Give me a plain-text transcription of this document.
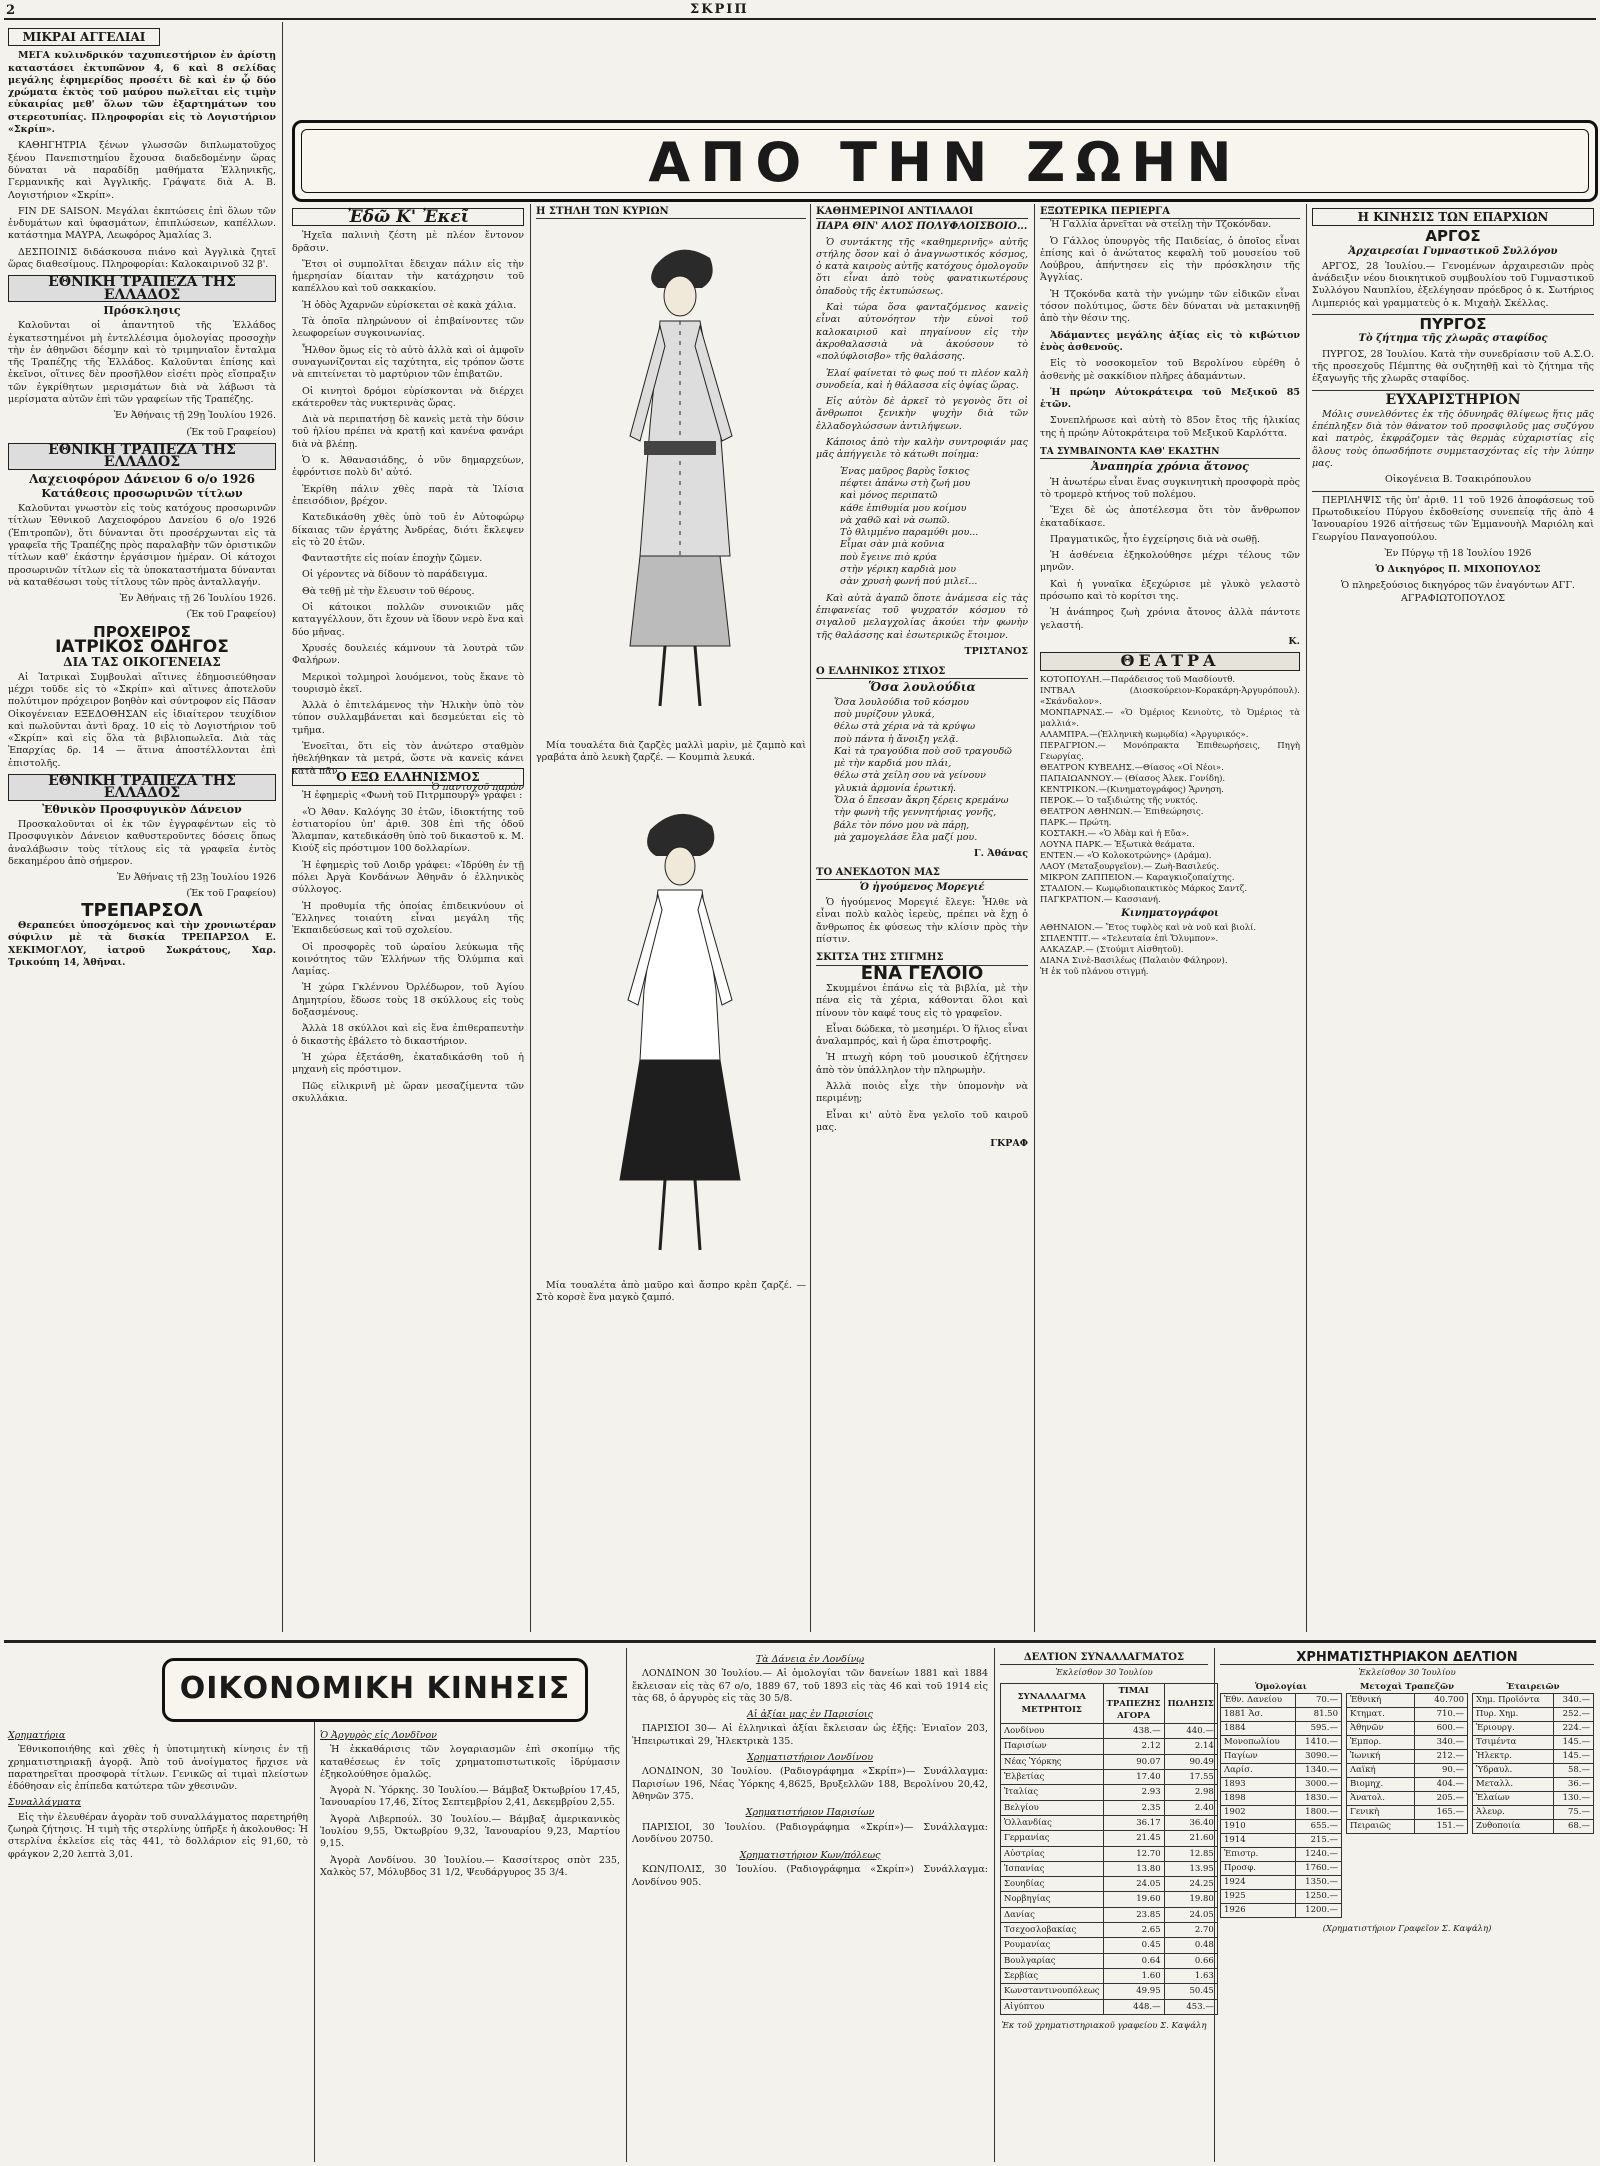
2	ΣΚΡΙΠ
ΜΙΚΡΑΙ ΑΓΓΕΛΙΑΙ

ΜΕΓΑ κυλινδρικόν ταχυπιεστήριον ἐν ἀρίστῃ καταστάσει ἐκτυπῶνον 4, 6 καὶ 8 σελίδας μεγάλης ἐφημερίδος προσέτι δὲ καὶ ἐν ᾧ δύο χρώματα ἐκτὸς τοῦ μαύρου πωλεῖται εἰς τιμὴν εὐκαιρίας μεθ' ὅλων τῶν ἐξαρτημάτων του στερεοτυπίας. Πληροφορίαι εἰς τὸ Λογιστήριον «Σκρίπ».

ΚΑΘΗΓΗΤΡΙΑ ξένων γλωσσῶν διπλωματοῦχος ξένου Πανεπιστημίου ἔχουσα διαδεδομένην ὥρας δύναται νὰ παραδίδῃ μαθήματα Ἑλληνικῆς, Γερμανικῆς καὶ Ἀγγλικῆς. Γράψατε διὰ Α. Β. Λογιστήριον «Σκρίπ».

FIN DE SAISON. Μεγάλαι ἐκπτώσεις ἐπὶ ὅλων τῶν ἐνδυμάτων καὶ ὑφασμάτων, ἐπιπλώσεων, καπέλλων. κατάστημα ΜΑΥΡΑ, Λεωφόρος Ἀμαλίας 3.

ΔΕΣΠΟΙΝΙΣ διδάσκουσα πιάνο καὶ Ἀγγλικὰ ζητεῖ ὥρας διαθεσίμους. Πληροφορίαι: Καλοκαιρινοῦ 32 β'.

ΕΘΝΙΚΗ ΤΡΑΠΕΖΑ ΤΗΣ ΕΛΛΑΔΟΣ
Πρόσκλησις

Καλοῦνται οἱ ἀπαντητοῦ τῆς Ἑλλάδος ἐγκατεστημένοι μὴ ἐντελλέσιμα ὁμολογίας προσοχὴν τὴν ἐν ἀθηνῶσι δέσμην καὶ τὸ τριμηνιαῖον ἔνταλμα τῆς Τραπέζης τῆς Ἑλλάδος. Καλοῦνται ἐπίσης καὶ ἐκεῖνοι, οἵτινες δὲν προσῆλθον εἰσέτι πρὸς εἴσπραξιν τῶν ἐγκρίθητων μερισμάτων διὰ νὰ λάβωσι τὰ μερίσματα αὐτῶν ἐπὶ τῶν γραφείων τῆς Τραπέζης.

Ἐν Ἀθήναις τῇ 29ῃ Ἰουλίου 1926.

(Ἐκ τοῦ Γραφείου)

ΕΘΝΙΚΗ ΤΡΑΠΕΖΑ ΤΗΣ ΕΛΛΑΔΟΣ
Λαχειοφόρον Δάνειον 6 ο/ο 1926
Κατάθεσις προσωρινῶν τίτλων

Καλοῦνται γνωστὸν εἰς τοὺς κατόχους προσωρινῶν τίτλων Ἐθνικοῦ Λαχειοφόρου Δανείου 6 ο/ο 1926 (Ἐπιτροπῶν), ὅτι δύνανται ὅτι προσέρχωνται εἰς τὰ γραφεῖα τῆς Τραπέζης πρὸς παραλαβὴν τῶν ὁριστικῶν τίτλων καθ' ἑκάστην ἐργάσιμον ἡμέραν. Οἱ κάτοχοι προσωρινῶν τίτλων εἰς τὰ ὑποκαταστήματα δύνανται νὰ καταθέσωσι τοὺς τίτλους τῶν πρὸς ἀνταλλαγήν.

Ἐν Ἀθήναις τῇ 26 Ἰουλίου 1926.

(Ἐκ τοῦ Γραφείου)

ΠΡΟΧΕΙΡΟΣ
ΙΑΤΡΙΚΟΣ ΟΔΗΓΟΣ
ΔΙΑ ΤΑΣ ΟΙΚΟΓΕΝΕΙΑΣ

Αἱ Ἰατρικαὶ Συμβουλαὶ αἵτινες ἐδημοσιεύθησαν μέχρι τοῦδε εἰς τὸ «Σκρίπ» καὶ αἵτινες ἀποτελοῦν πολύτιμον πρόχειρον βοηθὸν καὶ σύντροφον εἰς Πᾶσαν Οἰκογένειαν ΕΞΕΔΟΘΗΣΑΝ εἰς ἰδιαίτερον τευχίδιον καὶ πωλοῦνται ἀντὶ δραχ. 10 εἰς τὸ Λογιστήριον τοῦ «Σκρίπ» καὶ εἰς ὅλα τὰ βιβλιοπωλεῖα. Διὰ τὰς Ἐπαρχίας δρ. 14 — ἅτινα ἀποστέλλονται ἐπὶ ἐπιστολῆς.

ΕΘΝΙΚΗ ΤΡΑΠΕΖΑ ΤΗΣ ΕΛΛΑΔΟΣ
Ἐθνικὸν Προσφυγικὸν Δάνειον

Προσκαλοῦνται οἱ ἐκ τῶν ἐγγραφέντων εἰς τὸ Προσφυγικὸν Δάνειον καθυστεροῦντες δόσεις ὅπως ἀναλάβωσιν τοὺς τίτλους εἰς τὰ γραφεῖα ἐντὸς δεκαημέρου ἀπὸ σήμερον.

Ἐν Ἀθήναις τῇ 23ῃ Ἰουλίου 1926

(Ἐκ τοῦ Γραφείου)

ΤΡΕΠΑΡΣΟΛ

Θεραπεύει ὑποσχόμενος καὶ τὴν χρονιωτέραν σύφιλιν μὲ τὰ δισκία ΤΡΕΠΑΡΣΟΛ Ε. ΧΕΚΙΜΟΓΛΟΥ, ἰατροῦ Σωκράτους, Χαρ. Τρικούπη 14, Ἀθῆναι.

ΑΠΟ ΤΗΝ ΖΩΗΝ
Ἐδῶ Κ' Ἐκεῖ

Ἡχεῖα παλινιὴ ζέστη μὲ πλέον ἔντονον δρᾶσιν.

Ἔτσι οἱ συμπολῖται ἔδειχαν πάλιν εἰς τὴν ἡμερησίαν δίαιταν τὴν κατάχρησιν τοῦ καπέλλου καὶ τοῦ σακκακίου.

Ἡ ὁδὸς Ἀχαρνῶν εὑρίσκεται σὲ κακὰ χάλια.

Τὰ ὁποῖα πληρώνουν οἱ ἐπιβαίνοντες τῶν λεωφορείων συγκοινωνίας.

Ἦλθον ὅμως εἰς τὸ αὐτὸ ἀλλὰ καὶ οἱ ἀμφοῖν συναγωνίζονται εἰς ταχύτητα, εἰς τρόπον ὥστε νὰ επιτείνεται τὸ μαρτύριον τῶν ἐπιβατῶν.

Οἱ κινητοὶ δρόμοι εὑρίσκονται νὰ διέρχει εκάτεροθεν τὰς νυκτερινὰς ὥρας.

Διὰ νὰ περιπατήσῃ δὲ κανεὶς μετὰ τὴν δύσιν τοῦ ἡλίου πρέπει νὰ κρατῇ καὶ κανένα φανάρι διὰ νὰ βλέπῃ.

Ὁ κ. Ἀθανασιάδης, ὁ νῦν δημαρχεύων, ἐφρόντισε πολὺ δι' αὐτό.

Ἐκρίθη πάλιν χθὲς παρὰ τὰ Ἱλίσια ἐπεισόδιον, βρέχον.

Κατεδικάσθη χθὲς ὑπὸ τοῦ ἐν Αὐτοφώρῳ δίκαιας τῶν ἐργάτης Ἀνδρέας, διότι ἔκλεψεν εἰς τὸ 20 ἐτῶν.

Φανταστῆτε εἰς ποίαν ἐποχὴν ζῶμεν.

Οἱ γέροντες νὰ δίδουν τὸ παράδειγμα.

Θὰ τεθῇ μὲ τὴν ἔλευσιν τοῦ θέρους.

Οἱ κάτοικοι πολλῶν συνοικιῶν μᾶς καταγγέλλουν, ὅτι ἔχουν νὰ ἴδουν νερὸ ἕνα καὶ δύο μῆνας.

Χρυσές δουλειές κάμνουν τὰ λουτρὰ τῶν Φαλήρων.

Μερικοὶ τολμηροὶ λουόμενοι, τοὺς ἔκανε τὸ τουρισμὸ ἐκεῖ.

Ἀλλὰ ὁ ἐπιτελάμενος τὴν Ἠλικὴν ὑπὸ τὸν τύπον συλλαμβάνεται καὶ δεσμεύεται εἰς τὸ τμῆμα.

Ἐνοεῖται, ὅτι εἰς τὸν ἀνώτερο σταθμὸν ἠθελήθηκαν τὰ μετρά, ὥστε νὰ κανεὶς κάνει κατὰ πᾶν.

Ὁ παντοχοῦ παρὼν

Ο ΕΞΩ ΕΛΛΗΝΙΣΜΟΣ

Ἡ ἐφημερὶς «Φωνὴ τοῦ Πιτρμπουργ» γράφει :

«Ὁ Ἀθαν. Καλόγης 30 ἐτῶν, ἰδιοκτήτης τοῦ ἐστιατορίου ὑπ' ἀριθ. 308 ἐπὶ τῆς ὁδοῦ Ἄλαμπαν, κατεδικάσθη ὑπὸ τοῦ δικαστοῦ κ. Μ. Κιούξ εἰς πρόστιμον 100 δολλαρίων.

Ἡ ἐφημερὶς τοῦ Λοιδρ γράφει: «Ἰδρύθη ἐν τῇ πόλει Ἀργὰ Κονδάνων Ἀθηνᾶν ὁ ἐλληνικὸς σύλλογος.

Ἡ προθυμία τῆς ὁποίας ἐπιδεικνύουν οἱ Ἕλληνες τοιαύτη εἶναι μεγάλη τῆς Ἐκπαιδεύσεως καὶ τοῦ σχολείου.

Οἱ προσφορὲς τοῦ ὡραίου λεύκωμα τῆς κοινότητος τῶν Ἑλλήνων τῆς Ὀλύμπια καὶ Λαμίας.

Ἡ χώρα Γκλέννου Ὀρλέδωρον, τοῦ Ἀγίου Δημητρίου, ἔδωσε τοὺς 18 σκύλλους εἰς τοὺς δοξασμένους.

Ἀλλὰ 18 σκύλλοι καὶ εἰς ἕνα ἐπιθεραπευτὴν ὁ δικαστὴς ἐβάλετο τὸ δικαστήριον.

Ἡ χώρα ἐξετάσθη, ἐκαταδικάσθη τοῦ ἡ μηχανὴ εἰς πρόστιμον.

Πῶς εἰλικρινῆ μὲ ὥραν μεσαζίμεντα τῶν σκυλλάκια.

Η ΣΤΗΛΗ ΤΩΝ ΚΥΡΙΩΝ

Μία τουαλέτα διὰ ζαρζὲς μαλλὶ μαρὶν, μὲ ζαμπὸ καὶ γραβάτα ἀπὸ λευκὴ ζαρζέ. — Κουμπιὰ λευκά.

Μία τουαλέτα ἀπὸ μαῦρο καὶ ἄσπρο κρὲπ ζαρζέ. — Στὸ κορσὲ ἕνα μαγκὸ ζαμπό.

ΚΑΘΗΜΕΡΙΝΟΙ ΑΝΤΙΛΑΛΟΙ
ΠΑΡΑ ΘΙΝ' ΑΛΟΣ ΠΟΛΥΦΛΟΙΣΒΟΙΟ...

Ὁ συντάκτης τῆς «καθημερινῆς» αὐτῆς στήλης ὅσον καὶ ὁ ἀναγνωστικός κόσμος, ὁ κατὰ καιροὺς αὐτῆς κατόχους ὁμολογοῦν ὅτι εἶναι ἀπὸ τοὺς φανατικωτέρους ὀπαδοὺς τῆς ἐκτυπώσεως.

Καὶ τώρα ὅσα φανταζόμενος κανεὶς εἶναι αὐτονόητον τὴν εὐνοὶ τοῦ καλοκαιριοῦ καὶ πηγαίνουν εἰς τὴν ἀκροθαλασσιὰ νὰ ἀκούσουν τὸ «πολύφλοισβο» τῆς θαλάσσης.

Ἑλαί φαίνεται τὸ φως πού τι πλέον καλὴ συνοδεία, καὶ ἡ θάλασσα εἰς ὀψίας ὥρας.

Εἰς αὐτὸν δὲ ἀρκεῖ τὸ γεγονὸς ὅτι οἱ ἄνθρωποι ξενικὴν ψυχὴν διὰ τῶν ἑλλαδογλώσσων ἀντιλήψεων.

Κάποιος ἀπὸ τὴν καλὴν συντροφιάν μας μᾶς ἀπήγγειλε τὸ κάτωθι ποίημα:

Ἐνας μαῦρος βαρὺς ἴσκιος
πέφτει ἀπάνω στὴ ζωή μου
καὶ μόνος περιπατῶ
κάθε ἐπιθυμία μου κοίμου
νὰ χαθῶ καὶ νὰ σωπῶ.
Τὸ θλιμμένο παραμύθι μου...
Εἶμαι σὰν μιὰ κοῦνια
ποὺ ἔγεινε πιὸ κρύα
στὴν γέρικη καρδιὰ μου
σὰν χρυσὴ φωνή πού μιλεῖ...

Καὶ αὐτὰ ἀγαπῶ ὅποτε ἀνάμεσα εἰς τὰς ἐπιφανείας τοῦ ψυχρατόν κόσμου τὸ σιγαλοῦ μελαγχολίας ἀκούει τὴν φωνὴν τῆς θαλάσσης καὶ ἐσωτερικῶς ἕτοιμον.

ΤΡΙΣΤΑΝΟΣ

Ο ΕΛΛΗΝΙΚΟΣ ΣΤΙΧΟΣ
Ὅσα λουλούδια
Ὅσα λουλούδια τοῦ κόσμου
ποὺ μυρίζουν γλυκά,
θέλω στὰ χέρια νὰ τὰ κρύψω
ποὺ πάντα ἡ ἄνοιξη γελᾷ.
Καὶ τὰ τραγούδια ποὺ σοῦ τραγουδῶ
μὲ τὴν καρδιά μου πλάι,
θέλω στὰ χείλη σου νὰ γείνουν
γλυκιὰ ἀρμονία ἐρωτική.
Ὅλα ὁ ἔπεσαν ἄκρη ξέρεις κρεμάνω
τὴν φωνὴ τῆς γεννητήριας γονῆς,
βάλε τὸν πόνο μου νὰ πάρῃ,
μὰ χαμογελάσε ἔλα μαζί μου.

Γ. Ἀθάνας

ΤΟ ΑΝΕΚΔΟΤΟΝ ΜΑΣ
Ὁ ἡγούμενος Μορεγιέ

Ὁ ἡγούμενος Μορεγιέ ἔλεγε: Ἦλθε νὰ εἶναι πολὺ καλὸς ἱερεὺς, πρέπει νὰ ἔχῃ ὁ ἄνθρωπος ἐκ φύσεως τὴν κλίσιν πρὸς τὴν πίστιν.

ΣΚΙΤΣΑ ΤΗΣ ΣΤΙΓΜΗΣ
ΕΝΑ ΓΕΛΟΙΟ

Σκυμμένοι ἐπάνω εἰς τὰ βιβλία, μὲ τὴν πένα εἰς τὰ χέρια, κάθονται ὅλοι καὶ πίνουν τὸν καφέ τους εἰς τὸ γραφεῖον.

Εἶναι δώδεκα, τὸ μεσημέρι. Ὁ ἥλιος εἶναι ἀναλαμπρός, καὶ ἡ ὥρα ἐπιστροφῆς.

Ἡ πτωχὴ κόρη τοῦ μουσικοῦ ἐζήτησεν ἀπὸ τὸν ὑπάλληλον τὴν πληρωμὴν.

Ἀλλὰ ποιὸς εἶχε τὴν ὑπομονὴν νὰ περιμένῃ;

Εἶναι κι' αὐτὸ ἕνα γελοῖο τοῦ καιροῦ μας.

ΓΚΡΑΦ

ΕΞΩΤΕΡΙΚΑ ΠΕΡΙΕΡΓΑ

Ἡ Γαλλία ἀρνεῖται νὰ στείλῃ τὴν Τζοκόνδαν.

Ὁ Γάλλος ὑπουργὸς τῆς Παιδείας, ὁ ὁποῖος εἶναι ἐπίσης καὶ ὁ ἀνώτατος κεφαλὴ τοῦ μουσείου τοῦ Λούβρου, ἀπήντησεν εἰς τὴν πρόσκλησιν τῆς Ἀγγλίας.

Ἡ Τζοκόνδα κατὰ τὴν γνώμην τῶν εἰδικῶν εἶναι τόσον πολύτιμος, ὥστε δὲν δύναται νὰ μετακινηθῇ ἀπὸ τὴν θέσιν της.

Ἀδάμαντες μεγάλης ἀξίας εἰς τὸ κιβώτιον ἐνὸς ἀσθενοῦς.

Εἰς τὸ νοσοκομεῖον τοῦ Βερολίνου εὑρέθη ὁ ἀσθενὴς μὲ σακκίδιον πλῆρες ἀδαμάντων.

Ἡ πρώην Αὐτοκράτειρα τοῦ Μεξικοῦ 85 ἐτῶν.

Συνεπλήρωσε καὶ αὐτὴ τὸ 85ον ἔτος τῆς ἡλικίας της ἡ πρώην Αὐτοκράτειρα τοῦ Μεξικοῦ Καρλόττα.

ΤΑ ΣΥΜΒΑΙΝΟΝΤΑ ΚΑΘ' ΕΚΑΣΤΗΝ
Ἀναπηρία χρόνια ἄτονος

Ἡ ἀνωτέρω εἶναι ἕνας συγκινητικὴ προσφορὰ πρὸς τὸ τρομερὸ κτήνος τοῦ πολέμου.

Ἔχει δὲ ὡς ἀποτέλεσμα ὅτι τὸν ἄνθρωπον ἐκαταδίκασε.

Πραγματικῶς, ἦτο ἐγχείρησις διὰ νὰ σωθῇ.

Ἡ ἀσθένεια ἐξηκολούθησε μέχρι τέλους τῶν μηνῶν.

Καὶ ἡ γυναῖκα ἐξεχώρισε μὲ γλυκὸ γελαστὸ πρόσωπο καὶ τὸ κορίτσι της.

Ἡ ἀνάπηρος ζωὴ χρόνια ἄτονος ἀλλὰ πάντοτε γελαστή.

Κ.

ΘΕΑΤΡΑ
ΚΟΤΟΠΟΥΛΗ.—Παράδεισος τοῦ Μασδίουτθ.
ΙΝΤΒΑΛ (Διοσκούρειον-Κορακάρη-Ἀργυρόπουλ). «Σκάνδαλον».
ΜΟΝΠΑΡΝΑΣ.— «Ὁ Ὀμέριος Κενιοὺτς, τὸ Ὀμέριος τὰ μαλλιά».
ΑΛΑΜΠΡΑ.—(Ἑλληνικὴ κωμῳδία) «Ἀργυρικός».
ΠΕΡΑΓΡΙΟΝ.— Μονόπρακτα Ἐπιθεωρήσεις, Πηγὴ Γεωργίας.
ΘΕΑΤΡΟΝ ΚΥΒΕΛΗΣ.—Θίασος «Οἱ Νέοι».
ΠΑΠΑΙΩΑΝΝΟΥ.— (Θίασος Ἀλεκ. Γονίδη).
ΚΕΝΤΡΙΚΟΝ.—(Κινηματογράφος) Ἄρνηση.
ΠΕΡΟΚ.— Ὁ ταξιδιώτης τῆς νυκτός.
ΘΕΑΤΡΟΝ ΑΘΗΝΩΝ.— Ἐπιθεώρησις.
ΠΑΡΚ.— Πρώτη.
ΚΟΣΤΑΚΗ.— «Ὁ Ἀδὰμ καὶ ἡ Εὔα».
ΛΟΥΝΑ ΠΑΡΚ.— Ἐξωτικὰ θεάματα.
ΕΝΤΕΝ.— «Ὁ Κολοκοτρώνης» (Δράμα).
ΛΑΟΥ (Μεταξουργεῖον).— Ζωὴ-Βασιλεύς.
ΜΙΚΡΟΝ ΖΑΠΠΕΙΟΝ.— Καραγκιοζοπαίχτης.
ΣΤΑΔΙΟΝ.— Κωμῳδιοπαικτικὸς Μάρκος Σαντζ.
ΠΑΓΚΡΑΤΙΟΝ.— Κασσιανή.
Κινηματογράφοι
ΑΘΗΝΑΙΟΝ.— Ἔτος τυφλὸς καὶ νὰ νοῦ καὶ βιολί.
ΣΠΛΕΝΤΙΤ.— «Τελευταία ἐπὶ Ὄλυμπον».
ΑΛΚΑΖΑΡ.— (Στούμιτ Αἰσθητοῦ).
ΔΙΑΝΑ Σινὲ-Βασιλέως (Παλαιὸν Φάληρον).
Ἡ ἐκ τοῦ πλάνου στιγμή.
Η ΚΙΝΗΣΙΣ ΤΩΝ ΕΠΑΡΧΙΩΝ
ΑΡΓΟΣ
Ἀρχαιρεσίαι Γυμναστικοῦ Συλλόγου

ΑΡΓΟΣ, 28 Ἰουλίου.— Γενομένων ἀρχαιρεσιῶν πρὸς ἀνάδειξιν νέου διοικητικοῦ συμβουλίου τοῦ Γυμναστικοῦ Συλλόγου Ναυπλίου, ἐξελέγησαν πρόεδρος ὁ κ. Σωτήριος Λιμπεριός καὶ γραμματεὺς ὁ κ. Μιχαὴλ Σκέλλας.

ΠΥΡΓΟΣ
Τὸ ζήτημα τῆς χλωρᾶς σταφίδος

ΠΥΡΓΟΣ, 28 Ἰουλίου. Κατὰ τὴν συνεδρίασιν τοῦ Α.Σ.Ο. τῆς προσεχοῦς Πέμπτης θὰ συζητηθῇ καὶ τὸ ζήτημα τῆς ἐξαγωγῆς τῆς χλωρᾶς σταφίδος.

ΕΥΧΑΡΙΣΤΗΡΙΟΝ

Μόλις συνελθόντες ἐκ τῆς ὀδυνηρᾶς θλίψεως ἥτις μᾶς ἐπέπληξεν διὰ τὸν θάνατον τοῦ προσφιλοῦς μας συζύγου καὶ πατρὸς, ἐκφράζομεν τὰς θερμὰς εὐχαριστίας εἰς ὅλους τοὺς ὁπωσδήποτε συμμετασχόντας εἰς τὴν λύπην μας.

Οἰκογένεια Β. Τσακιρόπουλου

ΠΕΡΙΛΗΨΙΣ τῆς ὑπ' ἀριθ. 11 τοῦ 1926 ἀποφάσεως τοῦ Πρωτοδικείου Πύργου ἐκδοθείσης συνεπείᾳ τῆς ἀπὸ 4 Ἰανουαρίου 1926 αἰτήσεως τῶν Ἐμμανουὴλ Μαριόλη καὶ Γεωργίου Παναγοπούλου.

Ἐν Πύργῳ τῇ 18 Ἰουλίου 1926

Ὁ Δικηγόρος Π. ΜΙΧΟΠΟΥΛΟΣ

Ὁ πληρεξούσιος δικηγόρος τῶν ἐναγόντων ΑΓΓ. ΑΓΡΑΦΙΩΤΟΠΟΥΛΟΣ

ΟΙΚΟΝΟΜΙΚΗ ΚΙΝΗΣΙΣ
Χρηματήρια

Ἐθνικοποιήθης καὶ χθὲς ἡ ὑποτιμητικὴ κίνησις ἐν τῇ χρηματιστηριακῇ ἀγορᾷ. Ἀπὸ τοῦ ἀνοίγματος ἤρχισε νὰ παρατηρεῖται προσφορὰ τίτλων. Γενικῶς αἱ τιμαὶ πλείστων ἐδόθησαν εἰς ἐπίπεδα κατώτερα τῶν χθεσινῶν.

Συναλλάγματα

Εἰς τὴν ἐλευθέραν ἀγορὰν τοῦ συναλλάγματος παρετηρήθη ζωηρὰ ζήτησις. Ἡ τιμὴ τῆς στερλίνης ὑπῆρξε ἡ ἀκολουθος: Ἡ στερλίνα ἐκλείσε εἰς τὰς 441, τὸ δολλάριον εἰς 91,60, τὸ φράγκον 2,20 λεπτὰ 3,01.

Ὁ Ἀργυρὸς εἰς Λονδῖνον

Ἡ ἐκκαθάρισις τῶν λογαριασμῶν ἐπὶ σκοπίμῳ τῆς καταθέσεως ἐν τοῖς χρηματοπιστωτικοῖς ἱδρύμασιν ἐξηκολούθησε ὁμαλῶς.

Ἀγορὰ Ν. Ὑόρκης. 30 Ἰουλίου.— Βάμβαξ Ὀκτωβρίου 17,45, Ἰανουαρίου 17,46, Σίτος Σεπτεμβρίου 2,41, Δεκεμβρίου 2,55.

Ἀγορὰ Λιβερπούλ. 30 Ἰουλίου.— Βάμβαξ ἀμερικανικὸς Ἰουλίου 9,55, Ὀκτωβρίου 9,32, Ἰανουαρίου 9,23, Μαρτίου 9,15.

Ἀγορὰ Λονδίνου. 30 Ἰουλίου.— Κασσίτερος σπὸτ 235, Χαλκὸς 57, Μόλυβδος 31 1/2, Ψευδάργυρος 35 3/4.

Τὰ Δάνεια ἐν Λονδίνῳ

ΛΟΝΔΙΝΟΝ 30 Ἰουλίου.— Αἱ ὁμολογίαι τῶν δανείων 1881 καὶ 1884 ἔκλεισαν εἰς τὰς 67 ο/ο, 1889 67, τοῦ 1893 εἰς τὰς 46 καὶ τοῦ 1914 εἰς τὰς 68, ὁ ἀργυρὸς εἰς τὰς 30 5/8.

Αἱ ἀξίαι μας ἐν Παρισίοις

ΠΑΡΙΣΙΟΙ 30— Αἱ ἑλληνικαὶ ἀξίαι ἔκλεισαν ὡς ἑξῆς: Ἐνιαῖον 203, Ἠπειρωτικαὶ 29, Ἠλεκτρικὰ 135.

Χρηματιστήριον Λονδίνου

ΛΟΝΔΙΝΟΝ, 30 Ἰουλίου. (Ραδιογράφημα «Σκρίπ»)— Συνάλλαγμα: Παρισίων 196, Νέας Ὑόρκης 4,8625, Βρυξελλῶν 188, Βερολίνου 20,42, Ἀθηνῶν 375.

Χρηματιστήριον Παρισίων

ΠΑΡΙΣΙΟΙ, 30 Ἰουλίου. (Ραδιογράφημα «Σκρίπ»)— Συνάλλαγμα: Λονδίνου 20750.

Χρηματιστήριον Κων/πόλεως

ΚΩΝ/ΠΟΛΙΣ, 30 Ἰουλίου. (Ραδιογράφημα «Σκρίπ») Συνάλλαγμα: Λονδίνου 905.

ΔΕΛΤΙΟΝ ΣΥΝΑΛΛΑΓΜΑΤΟΣ
Ἐκλείσθον 30 Ἰουλίου
ΣΥΝΑΛΛΑΓΜΑ ΜΕΤΡΗΤΟΙΣ	ΤΙΜΑΙ ΤΡΑΠΕΖΗΣ ΑΓΟΡΑ	ΠΩΛΗΣΙΣ
Λονδίνου	438.—	440.—
Παρισίων	2.12	2.14
Νέας Ὑόρκης	90.07	90.49
Ἑλβετίας	17.40	17.55
Ἰταλίας	2.93	2.98
Βελγίου	2.35	2.40
Ὁλλανδίας	36.17	36.40
Γερμανίας	21.45	21.60
Αὐστρίας	12.70	12.85
Ἰσπανίας	13.80	13.95
Σουηδίας	24.05	24.25
Νορβηγίας	19.60	19.80
Δανίας	23.85	24.05
Τσεχοσλοβακίας	2.65	2.70
Ρουμανίας	0.45	0.48
Βουλγαρίας	0.64	0.66
Σερβίας	1.60	1.63
Κωνσταντινουπόλεως	49.95	50.45
Αἰγύπτου	448.—	453.—
Ἐκ τοῦ χρηματιστηριακοῦ γραφείου Σ. Καψάλη
ΧΡΗΜΑΤΙΣΤΗΡΙΑΚΟΝ ΔΕΛΤΙΟΝ
Ἐκλείσθον 30 Ἰουλίου
Ὁμολογίαι
Ἐθν. Δανείου	70.—
1881 Ἀσ.	81.50
1884	595.—
Μονοπωλίου	1410.—
Παγίων	3090.—
Λαρίσ.	1340.—
1893	3000.—
1898	1830.—
1902	1800.—
1910	655.—
1914	215.—
Ἐπιστρ.	1240.—
Προσφ.	1760.—
1924	1350.—
1925	1250.—
1926	1200.—
Μετοχαὶ Τραπεζῶν
Ἐθνική	40.700
Κτηματ.	710.—
Ἀθηνῶν	600.—
Ἐμπορ.	340.—
Ἰωνική	212.—
Λαϊκή	90.—
Βιομηχ.	404.—
Ἀνατολ.	205.—
Γενικὴ	165.—
Πειραιῶς	151.—
Ἑταιρειῶν
Χημ. Προϊόντα	340.—
Πυρ. Χημ.	252.—
Ἐριουργ.	224.—
Τσιμέντα	145.—
Ἠλεκτρ.	145.—
Ὑδραυλ.	58.—
Μεταλλ.	36.—
Ἐλαίων	130.—
Ἀλευρ.	75.—
Ζυθοποιία	68.—
(Χρηματιστήριον Γραφεῖον Σ. Καψάλη)
